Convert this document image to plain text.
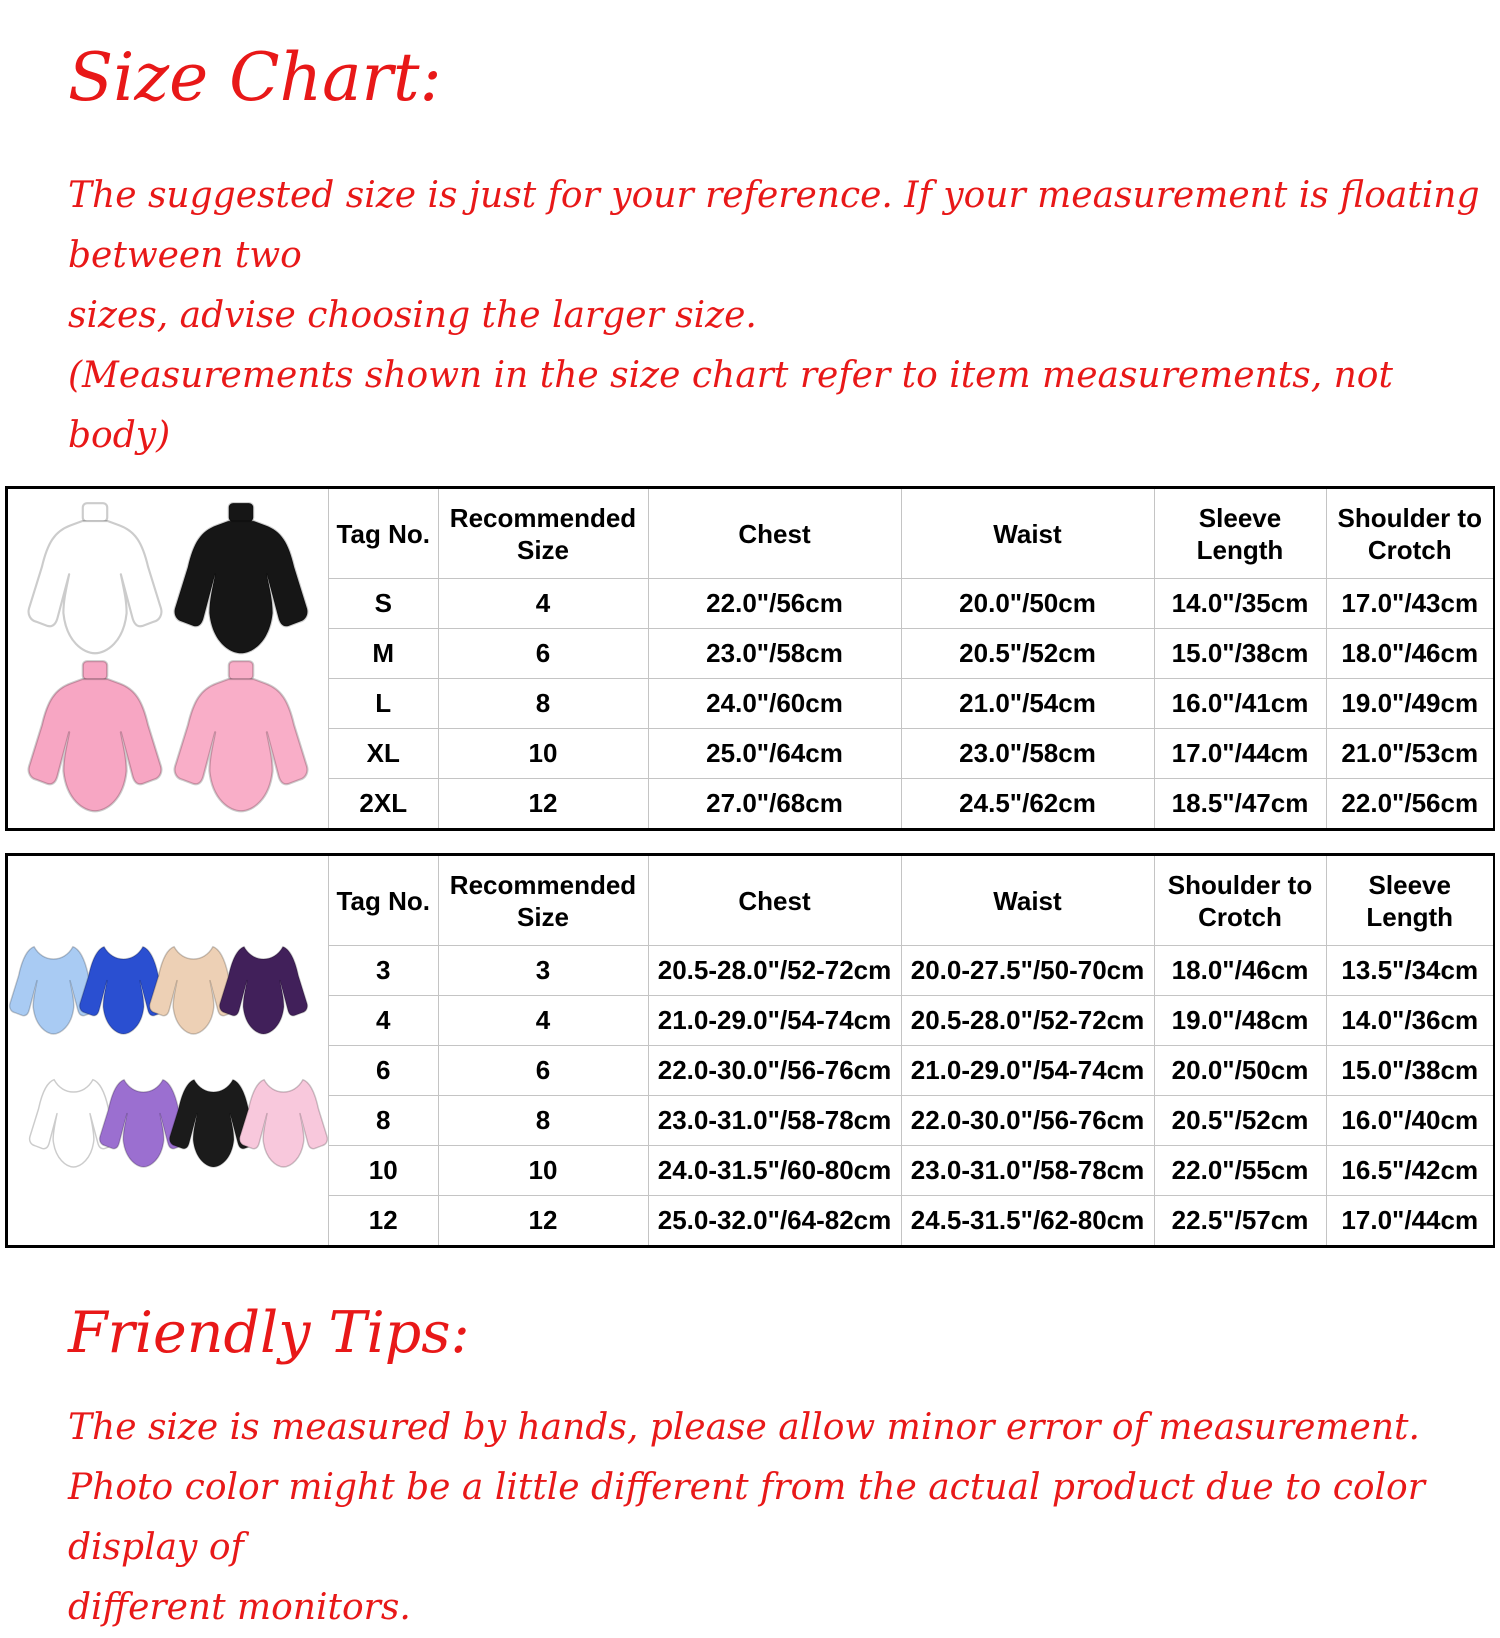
Size Chart:

The suggested size is just for your reference. If your measurement is floating between two

sizes, advise choosing the larger size.

(Measurements shown in the size chart refer to item measurements, not body)

Tag No.	Recommended Size	Chest	Waist	Sleeve Length	Shoulder to Crotch
S	4	22.0"/56cm	20.0"/50cm	14.0"/35cm	17.0"/43cm
M	6	23.0"/58cm	20.5"/52cm	15.0"/38cm	18.0"/46cm
L	8	24.0"/60cm	21.0"/54cm	16.0"/41cm	19.0"/49cm
XL	10	25.0"/64cm	23.0"/58cm	17.0"/44cm	21.0"/53cm
2XL	12	27.0"/68cm	24.5"/62cm	18.5"/47cm	22.0"/56cm
Tag No.	Recommended Size	Chest	Waist	Shoulder to Crotch	Sleeve Length
3	3	20.5-28.0"/52-72cm	20.0-27.5"/50-70cm	18.0"/46cm	13.5"/34cm
4	4	21.0-29.0"/54-74cm	20.5-28.0"/52-72cm	19.0"/48cm	14.0"/36cm
6	6	22.0-30.0"/56-76cm	21.0-29.0"/54-74cm	20.0"/50cm	15.0"/38cm
8	8	23.0-31.0"/58-78cm	22.0-30.0"/56-76cm	20.5"/52cm	16.0"/40cm
10	10	24.0-31.5"/60-80cm	23.0-31.0"/58-78cm	22.0"/55cm	16.5"/42cm
12	12	25.0-32.0"/64-82cm	24.5-31.5"/62-80cm	22.5"/57cm	17.0"/44cm
Friendly Tips:

The size is measured by hands, please allow minor error of measurement.

Photo color might be a little different from the actual product due to color display of

different monitors.
